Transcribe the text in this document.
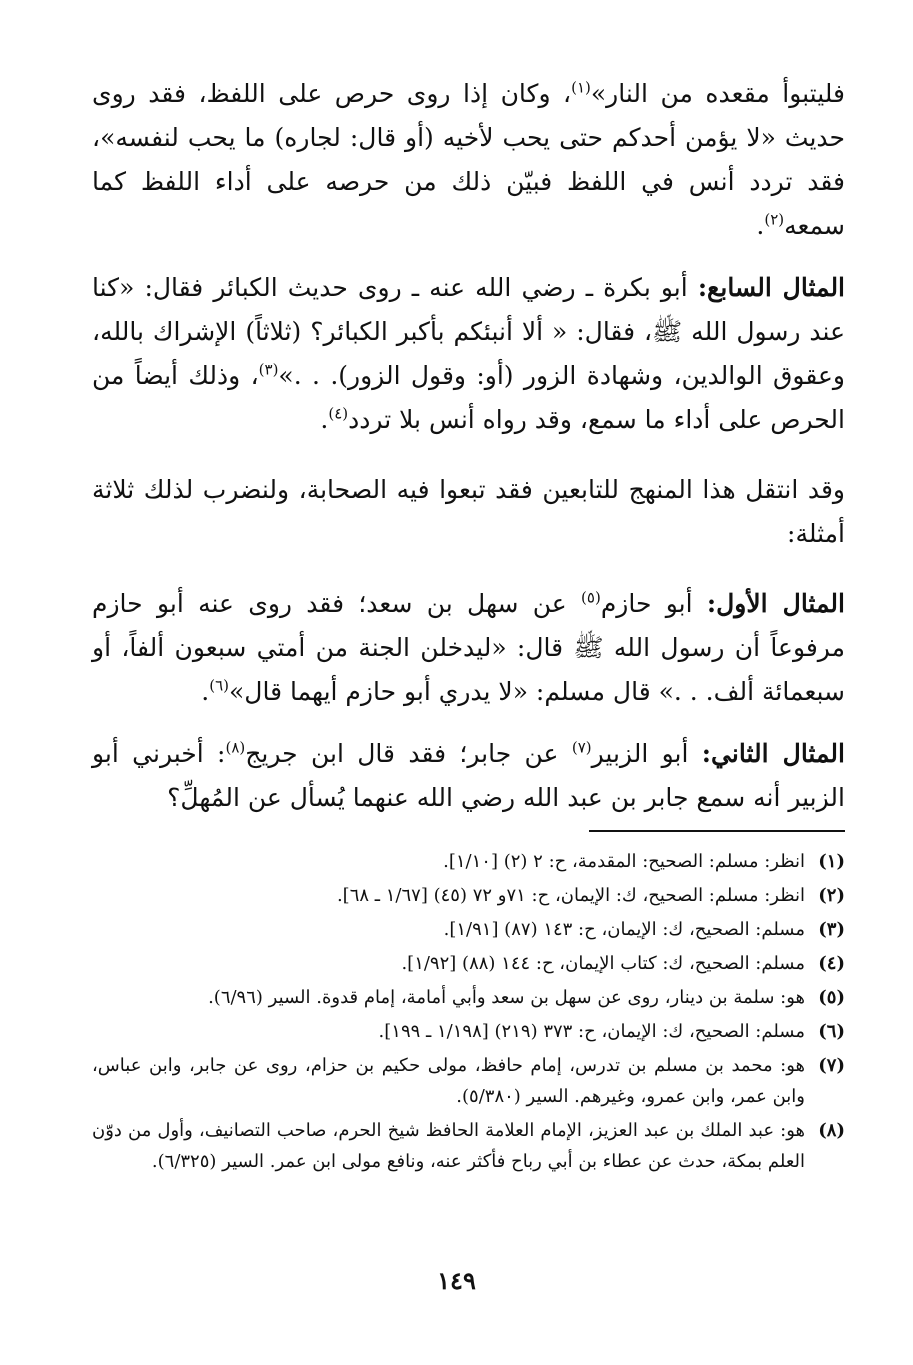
فليتبوأ مقعده من النار»$^{(١)}$، وكان إذا روى حرص على اللفظ، فقد روى حديث «لا يؤمن أحدكم حتى يحب لأخيه (أو قال: لجاره) ما يحب لنفسه»، فقد تردد أنس في اللفظ فبيّن ذلك من حرصه على أداء اللفظ كما سمعه$^{(٢)}$.

المثال السابع: أبو بكرة ـ رضي الله عنه ـ روى حديث الكبائر فقال: «كنا عند رسول الله ﷺ، فقال: « ألا أنبئكم بأكبر الكبائر؟ (ثلاثاً) الإشراك بالله، وعقوق الوالدين، وشهادة الزور (أو: وقول الزور). . .»$^{(٣)}$، وذلك أيضاً من الحرص على أداء ما سمع، وقد رواه أنس بلا تردد$^{(٤)}$.

وقد انتقل هذا المنهج للتابعين فقد تبعوا فيه الصحابة، ولنضرب لذلك ثلاثة أمثلة:

المثال الأول: أبو حازم$^{(٥)}$ عن سهل بن سعد؛ فقد روى عنه أبو حازم مرفوعاً أن رسول الله ﷺ قال: «ليدخلن الجنة من أمتي سبعون ألفاً، أو سبعمائة ألف. . .» قال مسلم: «لا يدري أبو حازم أيهما قال»$^{(٦)}$.

المثال الثاني: أبو الزبير$^{(٧)}$ عن جابر؛ فقد قال ابن جريج$^{(٨)}$: أخبرني أبو الزبير أنه سمع جابر بن عبد الله رضي الله عنهما يُسأل عن المُهلِّ؟

(١)
انظر: مسلم: الصحيح: المقدمة، ح: ٢ (٢) [١/١٠].
(٢)
انظر: مسلم: الصحيح، ك: الإيمان، ح: ٧١و ٧٢ (٤٥) [١/٦٧ ـ ٦٨].
(٣)
مسلم: الصحيح، ك: الإيمان، ح: ١٤٣ (٨٧) [١/٩١].
(٤)
مسلم: الصحيح، ك: كتاب الإيمان، ح: ١٤٤ (٨٨) [١/٩٢].
(٥)
هو: سلمة بن دينار، روى عن سهل بن سعد وأبي أمامة، إمام قدوة. السير (٦/٩٦).
(٦)
مسلم: الصحيح، ك: الإيمان، ح: ٣٧٣ (٢١٩) [١/١٩٨ ـ ١٩٩].
(٧)
هو: محمد بن مسلم بن تدرس، إمام حافظ، مولى حكيم بن حزام، روى عن جابر، وابن عباس، وابن عمر، وابن عمرو، وغيرهم. السير (٥/٣٨٠).
(٨)
هو: عبد الملك بن عبد العزيز، الإمام العلامة الحافظ شيخ الحرم، صاحب التصانيف، وأول من دوّن العلم بمكة، حدث عن عطاء بن أبي رباح فأكثر عنه، ونافع مولى ابن عمر. السير (٦/٣٢٥).
١٤٩
